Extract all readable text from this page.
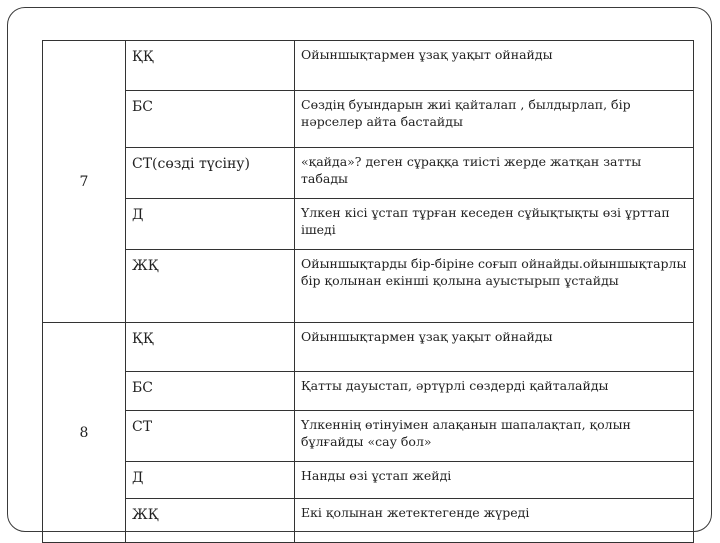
7	ҚҚ	Ойыншықтармен ұзақ уақыт ойнайды
	БС	Сөздің буындарын жиі қайталап , былдырлап, бір нәрселер айта бастайды
	СТ(сөзді түсіну)	«қайда»? деген сұраққа тиісті жерде жатқан затты табады
	Д	Үлкен кісі ұстап тұрған кеседен сұйықтықты өзі ұрттап ішеді
	ЖҚ	Ойыншықтарды бір-біріне соғып ойнайды.ойыншықтарлы бір қолынан екінші қолына ауыстырып ұстайды
8	ҚҚ	Ойыншықтармен ұзақ уақыт ойнайды
	БС	Қатты дауыстап, әртүрлі сөздерді қайталайды
	СТ	Үлкеннің өтінуімен алақанын шапалақтап, қолын бұлғайды «сау бол»
	Д	Нанды өзі ұстап жейді
	ЖҚ	Екі қолынан жетектегенде жүреді
